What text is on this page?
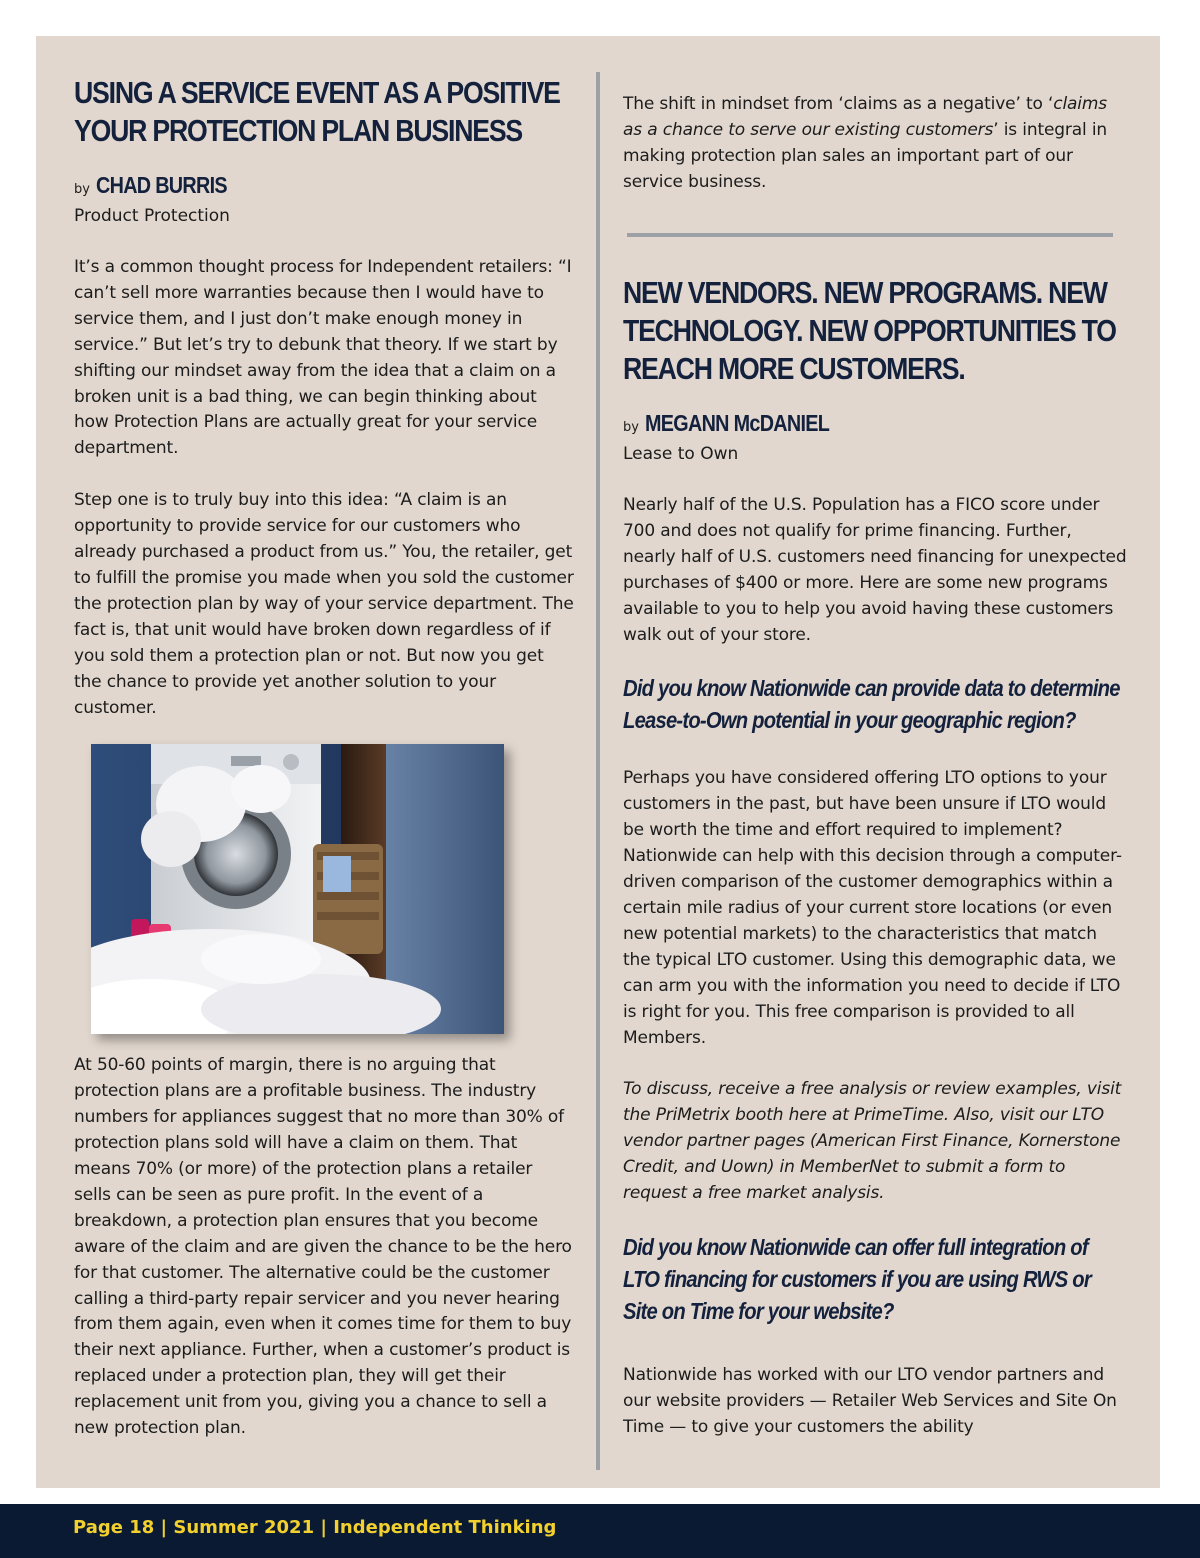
USING A SERVICE EVENT AS A POSITIVE
YOUR PROTECTION PLAN BUSINESS
by CHAD BURRIS
Product Protection

It’s a common thought process for Independent retailers: “I can’t sell more warranties because then I would have to service them, and I just don’t make enough money in service.” But let’s try to debunk that theory. If we start by shifting our mindset away from the idea that a claim on a broken unit is a bad thing, we can begin thinking about how Protection Plans are actually great for your service department.

Step one is to truly buy into this idea: “A claim is an opportunity to provide service for our customers who already purchased a product from us.” You, the retailer, get to fulfill the promise you made when you sold the customer the protection plan by way of your service department. The fact is, that unit would have broken down regardless of if you sold them a protection plan or not. But now you get the chance to provide yet another solution to your customer.

At 50-60 points of margin, there is no arguing that protection plans are a profitable business. The industry numbers for appliances suggest that no more than 30% of protection plans sold will have a claim on them. That means 70% (or more) of the protection plans a retailer sells can be seen as pure profit. In the event of a breakdown, a protection plan ensures that you become aware of the claim and are given the chance to be the hero for that customer. The alternative could be the customer calling a third-party repair servicer and you never hearing from them again, even when it comes time for them to buy their next appliance. Further, when a customer’s product is replaced under a protection plan, they will get their replacement unit from you, giving you a chance to sell a new protection plan.

The shift in mindset from ‘claims as a negative’ to ‘claims as a chance to serve our existing customers’ is integral in making protection plan sales an important part of our service business.

NEW VENDORS. NEW PROGRAMS. NEW
TECHNOLOGY. NEW OPPORTUNITIES TO
REACH MORE CUSTOMERS.
by MEGANN McDANIEL
Lease to Own

Nearly half of the U.S. Population has a FICO score under 700 and does not qualify for prime financing. Further, nearly half of U.S. customers need financing for unexpected purchases of $400 or more. Here are some new programs available to you to help you avoid having these customers walk out of your store.

Did you know Nationwide can provide data to determine Lease-to-Own potential in your geographic region?

Perhaps you have considered offering LTO options to your customers in the past, but have been unsure if LTO would be worth the time and effort required to implement? Nationwide can help with this decision through a computer-driven comparison of the customer demographics within a certain mile radius of your current store locations (or even new potential markets) to the characteristics that match the typical LTO customer. Using this demographic data, we can arm you with the information you need to decide if LTO is right for you. This free comparison is provided to all Members.

To discuss, receive a free analysis or review examples, visit the PriMetrix booth here at PrimeTime. Also, visit our LTO vendor partner pages (American First Finance, Kornerstone Credit, and Uown) in MemberNet to submit a form to request a free market analysis.

Did you know Nationwide can offer full integration of LTO financing for customers if you are using RWS or Site on Time for your website?

Nationwide has worked with our LTO vendor partners and our website providers — Retailer Web Services and Site On Time — to give your customers the ability

Page 18 | Summer 2021 | Independent Thinking
